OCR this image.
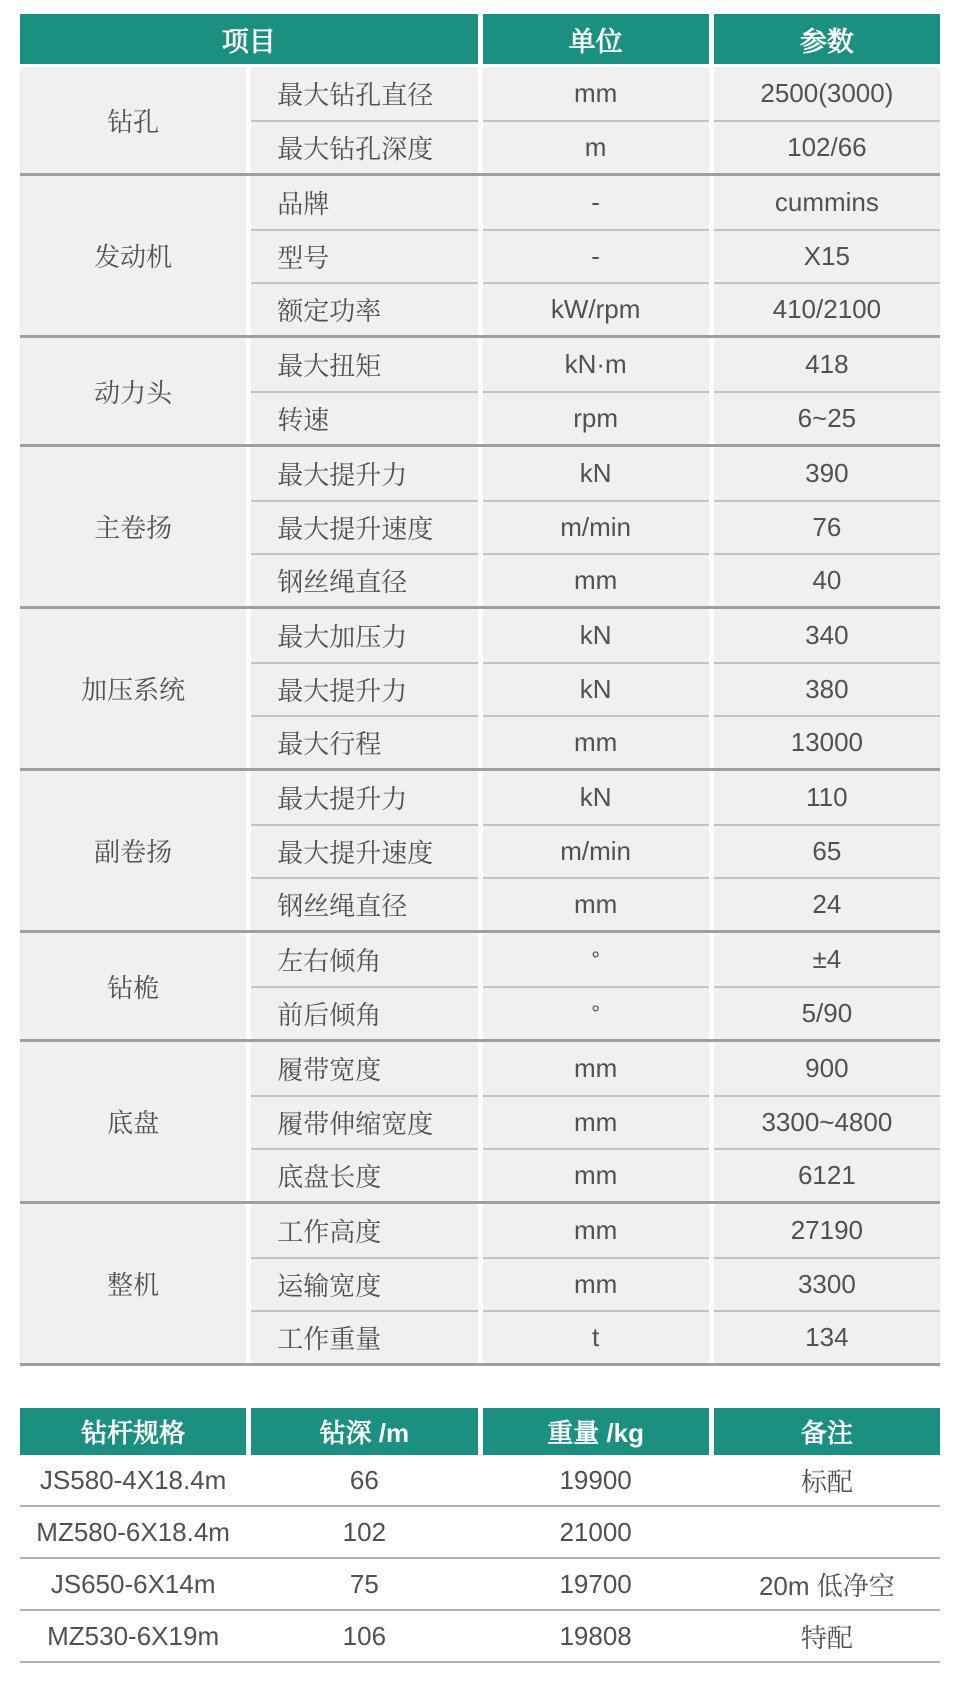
项目	单位	参数
钻孔
最大钻孔直径	mm	2500(3000)
最大钻孔深度	m	102/66
发动机
品牌	-	cummins
型号	-	X15
额定功率	kW/rpm	410/2100
动力头
最大扭矩	kN·m	418
转速	rpm	6~25
主卷扬
最大提升力	kN	390
最大提升速度	m/min	76
钢丝绳直径	mm	40
加压系统
最大加压力	kN	340
最大提升力	kN	380
最大行程	mm	13000
副卷扬
最大提升力	kN	110
最大提升速度	m/min	65
钢丝绳直径	mm	24
钻桅
左右倾角	°	±4
前后倾角	°	5/90
底盘
履带宽度	mm	900
履带伸缩宽度	mm	3300~4800
底盘长度	mm	6121
整机
工作高度	mm	27190
运输宽度	mm	3300
工作重量	t	134
钻杆规格	钻深 /m	重量 /kg	备注
JS580-4X18.4m	66	19900	标配
MZ580-6X18.4m	102	21000
JS650-6X14m	75	19700	20m 低净空
MZ530-6X19m	106	19808	特配
